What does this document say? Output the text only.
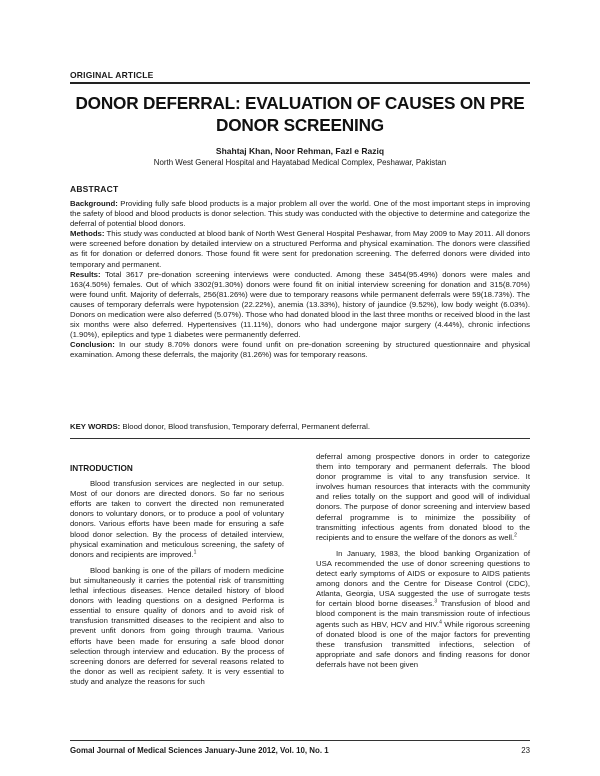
ORIGINAL ARTICLE
DONOR DEFERRAL: EVALUATION OF CAUSES ON PRE DONOR SCREENING
Shahtaj Khan, Noor Rehman, Fazl e Raziq
North West General Hospital and Hayatabad Medical Complex, Peshawar, Pakistan
ABSTRACT

Background: Providing fully safe blood products is a major problem all over the world. One of the most important steps in improving the safety of blood and blood products is donor selection. This study was conducted with the objective to determine and categorize the deferral of potential blood donors.
Methods: This study was conducted at blood bank of North West General Hospital Peshawar, from May 2009 to May 2011. All donors were screened before donation by detailed interview on a structured Performa and physical examination. The donors were classified as fit for donation or deferred donors. Those found fit were sent for predonation screening. The deferred donors were divided into temporary and permanent.
Results: Total 3617 pre-donation screening interviews were conducted. Among these 3454(95.49%) donors were males and 163(4.50%) females. Out of which 3302(91.30%) donors were found fit on initial interview screening for donation and 315(8.70%) were found unfit. Majority of deferrals, 256(81.26%) were due to temporary reasons while permanent deferrals were 59(18.73%). The causes of temporary deferrals were hypotension (22.22%), anemia (13.33%), history of jaundice (9.52%), low body weight (6.03%). Donors on medication were also deferred (5.07%). Those who had donated blood in the last three months or received blood in the last six months were also deferred. Hypertensives (11.11%), donors who had undergone major surgery (4.44%), chronic infections (1.90%), epileptics and type 1 diabetes were permanently deferred.
Conclusion: In our study 8.70% donors were found unfit on pre-donation screening by structured questionnaire and physical examination. Among these deferrals, the majority (81.26%) was for temporary reasons.

KEY WORDS: Blood donor, Blood transfusion, Temporary deferral, Permanent deferral.
INTRODUCTION

Blood transfusion services are neglected in our setup. Most of our donors are directed donors. So far no serious efforts are taken to convert the directed non remunerated donors to voluntary donors, or to produce a pool of voluntary donors. Various efforts have been made for ensuring a safe blood donor selection. By the process of detailed interview, physical examination and meticulous screening, the safety of donors and recipients are improved.$^1$

Blood banking is one of the pillars of modern medicine but simultaneously it carries the potential risk of transmitting lethal infectious diseases. Hence detailed history of blood donors with leading questions on a designed Performa is essential to ensure quality of donors and to avoid risk of transfusion transmitted diseases to the recipient and also to prevent unfit donors from going through trauma. Various efforts have been made for ensuring a safe blood donor selection through interview and education. By the process of screening donors are deferred for several reasons related to the donor as well as recipient safety. It is very essential to study and analyze the reasons for such

deferral among prospective donors in order to categorize them into temporary and permanent deferrals. The blood donor programme is vital to any transfusion service. It involves human resources that interacts with the community and relies totally on the support and good will of individual donors. The purpose of donor screening and interview based deferral programme is to minimize the possibility of transmitting infectious agents from donated blood to the recipients and to ensure the welfare of the donors as well.$^2$

In January, 1983, the blood banking Organization of USA recommended the use of donor screening questions to detect early symptoms of AIDS or exposure to AIDS patients among donors and the Centre for Disease Control (CDC), Atlanta, Georgia, USA suggested the use of surrogate tests for certain blood borne diseases.$^3$ Transfusion of blood and blood component is the main transmission route of infectious agents such as HBV, HCV and HIV.$^4$ While rigorous screening of donated blood is one of the major factors for preventing these transfusion transmitted infections, selection of appropriate and safe donors and finding reasons for donor deferrals have not been given

Gomal Journal of Medical Sciences January-June 2012, Vol. 10, No. 1	23
